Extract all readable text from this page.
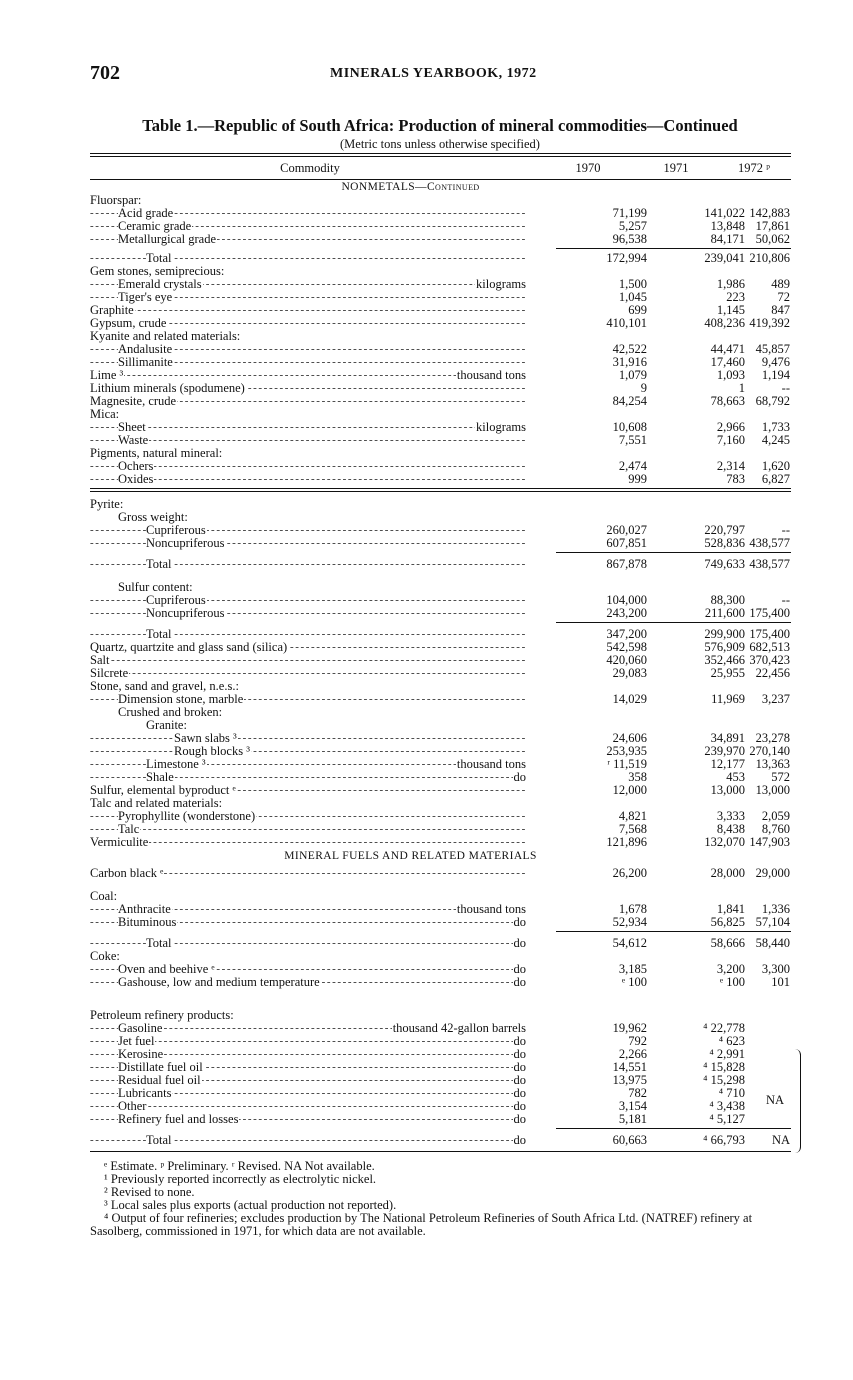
702	MINERALS YEARBOOK, 1972
Table 1.—Republic of South Africa: Production of mineral commodities—Continued
(Metric tons unless otherwise specified)
Commodity	1970	1971	1972 ᵖ
NONMETALS—Continued
Fluorspar:
----- Acid grade	71,199	141,022 142,883
----- Ceramic grade	5,257	13,848 17,861
----- Metallurgical grade	96,538	84,171 50,062
----- Total	172,994	239,041 210,806
Gem stones, semiprecious:
----- Emerald crystals	kilograms	1,500	1,986	489
----- Tiger's eye	1,045	223	72
----- Graphite	699	1,145	847
----- Gypsum, crude	410,101	408,236 419,392
Kyanite and related materials:
----- Andalusite	42,522	44,471 45,857
----- Sillimanite	31,916	17,460	9,476
----- Lime ³	thousand tons	1,079	1,093	1,194
----- Lithium minerals (spodumene)	9	1	--
----- Magnesite, crude	84,254	78,663 68,792
Mica:
----- Sheet	kilograms	10,608	2,966	1,733
----- Waste	7,551	7,160	4,245
Pigments, natural mineral:
----- Ochers	2,474	2,314	1,620
----- Oxides	999	783	6,827
Pyrite:
Gross weight:
----- Cupriferous	260,027	220,797	--
----- Noncupriferous	607,851	528,836 438,577
----- Total	867,878	749,633 438,577
Sulfur content:
----- Cupriferous	104,000	88,300	--
----- Noncupriferous	243,200	211,600 175,400
----- Total	347,200	299,900 175,400
----- Quartz, quartzite and glass sand (silica)	542,598	576,909 682,513
----- Salt	420,060	352,466 370,423
----- Silcrete	29,083	25,955 22,456
Stone, sand and gravel, n.e.s.:
----- Dimension stone, marble	14,029	11,969	3,237
Crushed and broken:
Granite:
----- Sawn slabs ³	24,606	34,891 23,278
----- Rough blocks ³	253,935	239,970 270,140
----- Limestone ³	thousand tons	ʳ 11,519	12,177 13,363
----- Shale	do	358	453	572
----- Sulfur, elemental byproduct ᵉ	12,000	13,000 13,000
Talc and related materials:
----- Pyrophyllite (wonderstone)	4,821	3,333	2,059
----- Talc	7,568	8,438	8,760
----- Vermiculite	121,896	132,070 147,903
MINERAL FUELS AND RELATED MATERIALS
----- Carbon black ᵉ	26,200	28,000 29,000
Coal:
----- Anthracite	thousand tons	1,678	1,841	1,336
----- Bituminous	do	52,934	56,825 57,104
----- Total	do	54,612	58,666 58,440
Coke:
----- Oven and beehive ᵉ	do	3,185	3,200	3,300
----- Gashouse, low and medium temperature	do	ᵉ 100	ᵉ 100	101
Petroleum refinery products:
----- Gasoline	thousand 42-gallon barrels	19,962	⁴ 22,778
----- Jet fuel	do	792	⁴ 623
----- Kerosine	do	2,266	⁴ 2,991
----- Distillate fuel oil	do	14,551	⁴ 15,828
----- Residual fuel oil	do	13,975	⁴ 15,298
----- Lubricants	do	782	⁴ 710
----- Other	do	3,154	⁴ 3,438
----- Refinery fuel and losses	do	5,181	⁴ 5,127
----- Total	do	60,663	⁴ 66,793	NA
NA
ᵉ Estimate. ᵖ Preliminary. ʳ Revised. NA Not available.
¹ Previously reported incorrectly as electrolytic nickel.
² Revised to none.
³ Local sales plus exports (actual production not reported).
⁴ Output of four refineries; excludes production by The National Petroleum Refineries of South Africa Ltd. (NATREF) refinery at Sasolberg, commissioned in 1971, for which data are not available.
